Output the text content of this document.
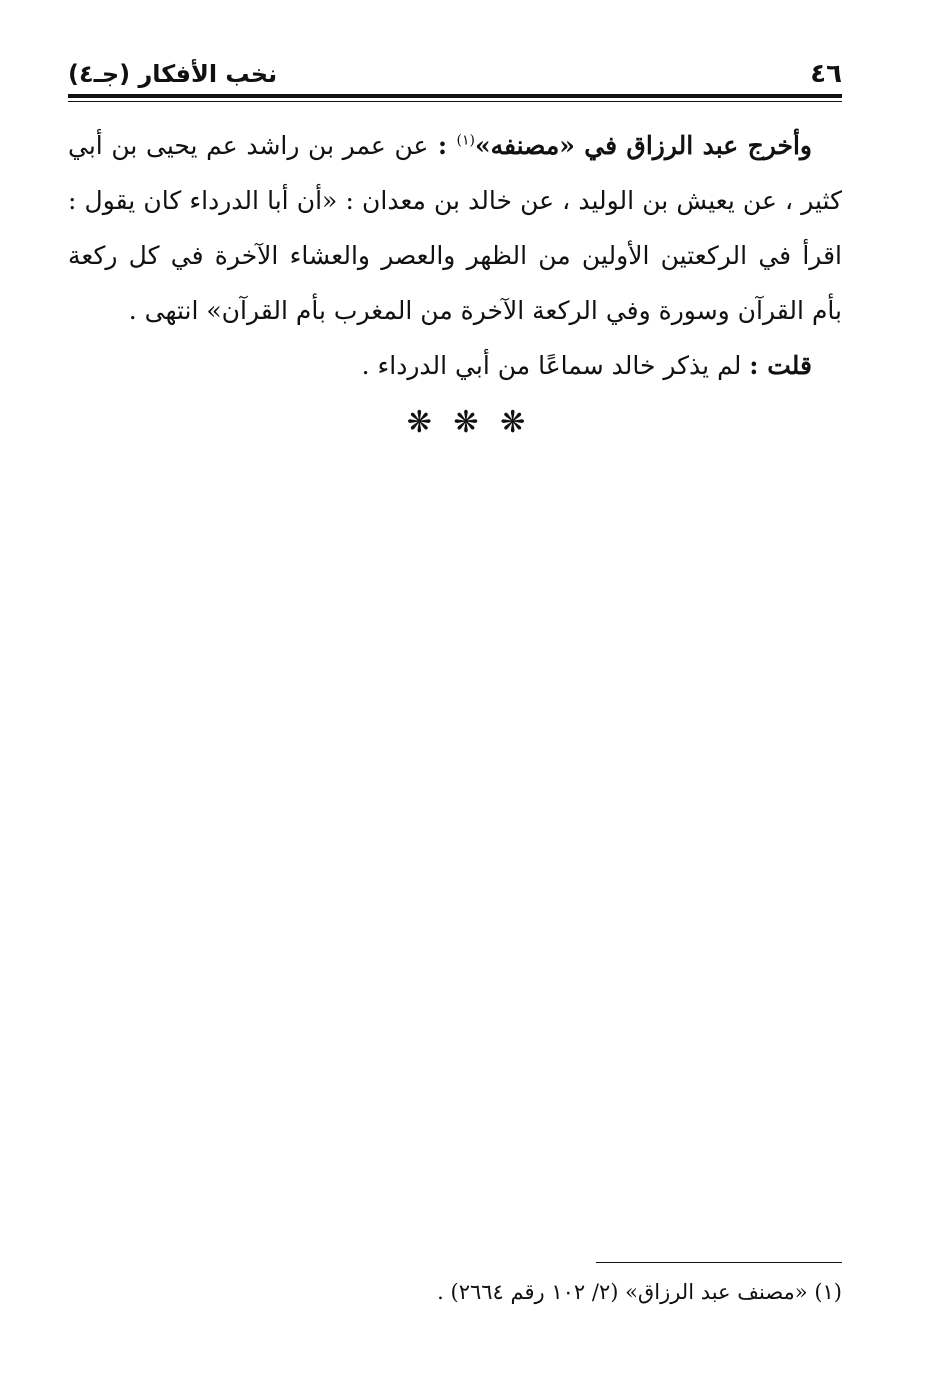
٤٦
نخب الأفكار (جـ٤)

وأخرج عبد الرزاق في «مصنفه»$^{(١)}$ : عن عمر بن راشد عم يحيى بن أبي كثير ، عن يعيش بن الوليد ، عن خالد بن معدان : «أن أبا الدرداء كان يقول : اقرأ في الركعتين الأولين من الظهر والعصر والعشاء الآخرة في كل ركعة بأم القرآن وسورة وفي الركعة الآخرة من المغرب بأم القرآن» انتهى .

قلت : لم يذكر خالد سماعًا من أبي الدرداء .

❋ ❋ ❋
(١) «مصنف عبد الرزاق» (٢/ ١٠٢ رقم ٢٦٦٤) .
